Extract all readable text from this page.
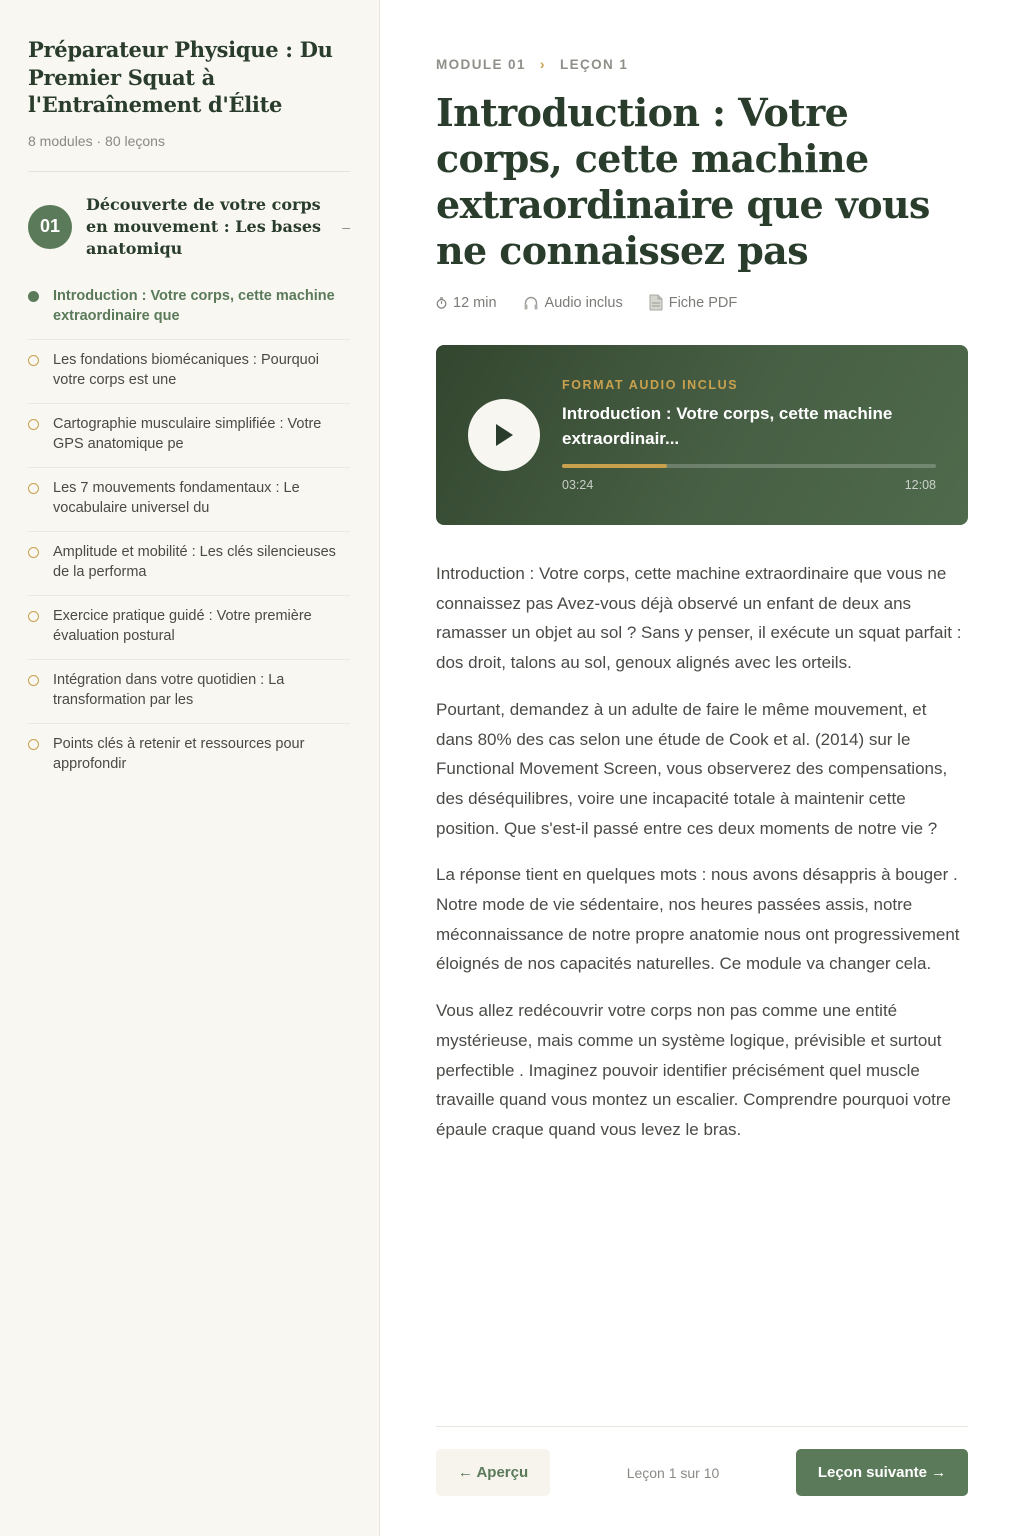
Préparateur Physique : Du Premier Squat à l'Entraînement d'Élite
8 modules · 80 leçons
01
Découverte de votre corps en mouvement : Les bases anatomiqu
–
Introduction : Votre corps, cette machine extraordinaire que
Les fondations biomécaniques : Pourquoi votre corps est une
Cartographie musculaire simplifiée : Votre GPS anatomique pe
Les 7 mouvements fondamentaux : Le vocabulaire universel du
Amplitude et mobilité : Les clés silencieuses de la performa
Exercice pratique guidé : Votre première évaluation postural
Intégration dans votre quotidien : La transformation par les
Points clés à retenir et ressources pour approfondir
MODULE 01 › LEÇON 1
Introduction : Votre corps, cette machine extraordinaire que vous ne connaissez pas
12 min	Audio inclus	Fiche PDF
FORMAT AUDIO INCLUS
Introduction : Votre corps, cette machine extraordinair...
03:24	12:08

Introduction : Votre corps, cette machine extraordinaire que vous ne connaissez pas Avez-vous déjà observé un enfant de deux ans ramasser un objet au sol ? Sans y penser, il exécute un squat parfait : dos droit, talons au sol, genoux alignés avec les orteils.

Pourtant, demandez à un adulte de faire le même mouvement, et dans 80% des cas selon une étude de Cook et al. (2014) sur le Functional Movement Screen, vous observerez des compensations, des déséquilibres, voire une incapacité totale à maintenir cette position. Que s'est-il passé entre ces deux moments de notre vie ?

La réponse tient en quelques mots : nous avons désappris à bouger . Notre mode de vie sédentaire, nos heures passées assis, notre méconnaissance de notre propre anatomie nous ont progressivement éloignés de nos capacités naturelles. Ce module va changer cela.

Vous allez redécouvrir votre corps non pas comme une entité mystérieuse, mais comme un système logique, prévisible et surtout perfectible . Imaginez pouvoir identifier précisément quel muscle travaille quand vous montez un escalier. Comprendre pourquoi votre épaule craque quand vous levez le bras.

← Aperçu	Leçon 1 sur 10	Leçon suivante →
